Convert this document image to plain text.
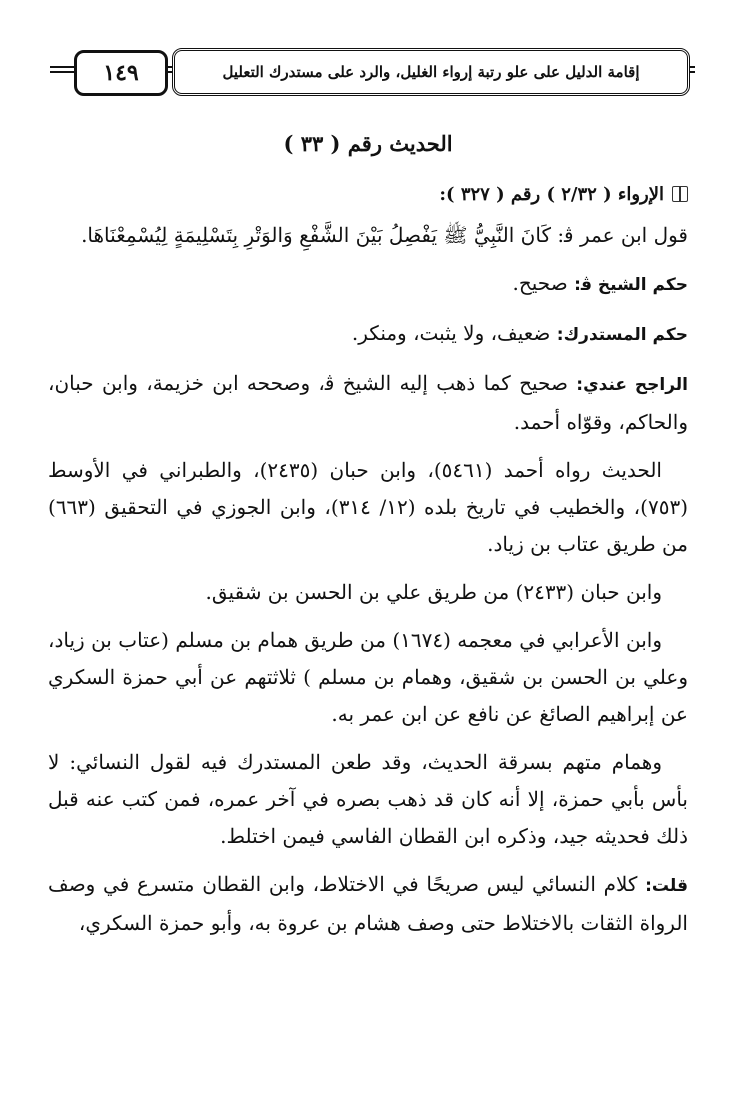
١٤٩	إقامة الدليل على علو رتبة إرواء الغليل، والرد على مستدرك التعليل
الحديث رقم ( ٣٣ )
الإرواء ( ٢/٣٢ ) رقم ( ٣٢٧ ):

قول ابن عمر ﭬ: كَانَ النَّبِيُّ ﷺ يَفْصِلُ بَيْنَ الشَّفْعِ وَالوَتْرِ بِتَسْلِيمَةٍ لِيُسْمِعْنَاهَا.

حكم الشيخ ﭬ: صحيح.

حكم المستدرك: ضعيف، ولا يثبت، ومنكر.

الراجح عندي: صحيح كما ذهب إليه الشيخ ﭬ، وصححه ابن خزيمة، وابن حبان، والحاكم، وقوّاه أحمد.

الحديث رواه أحمد (٥٤٦١)، وابن حبان (٢٤٣٥)، والطبراني في الأوسط (٧٥٣)، والخطيب في تاريخ بلده (١٢/ ٣١٤)، وابن الجوزي في التحقيق (٦٦٣) من طريق عتاب بن زياد.

وابن حبان (٢٤٣٣) من طريق علي بن الحسن بن شقيق.

وابن الأعرابي في معجمه (١٦٧٤) من طريق همام بن مسلم (عتاب بن زياد، وعلي بن الحسن بن شقيق، وهمام بن مسلم ) ثلاثتهم عن أبي حمزة السكري عن إبراهيم الصائغ عن نافع عن ابن عمر به.

وهمام متهم بسرقة الحديث، وقد طعن المستدرك فيه لقول النسائي: لا بأس بأبي حمزة، إلا أنه كان قد ذهب بصره في آخر عمره، فمن كتب عنه قبل ذلك فحديثه جيد، وذكره ابن القطان الفاسي فيمن اختلط.

قلت: كلام النسائي ليس صريحًا في الاختلاط، وابن القطان متسرع في وصف الرواة الثقات بالاختلاط حتى وصف هشام بن عروة به، وأبو حمزة السكري،
